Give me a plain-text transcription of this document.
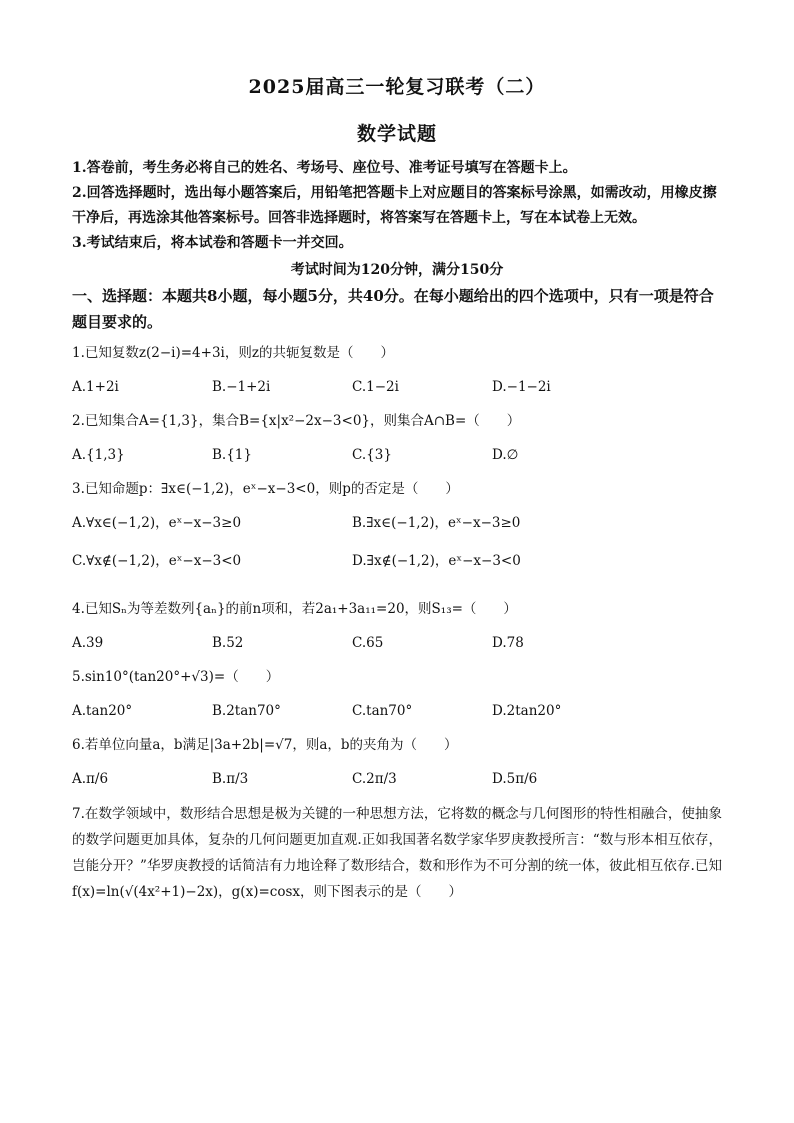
2025届高三一轮复习联考（二）
数学试题

1.答卷前，考生务必将自己的姓名、考场号、座位号、准考证号填写在答题卡上。

2.回答选择题时，选出每小题答案后，用铅笔把答题卡上对应题目的答案标号涂黑，如需改动，用橡皮擦干净后，再选涂其他答案标号。回答非选择题时，将答案写在答题卡上，写在本试卷上无效。

3.考试结束后，将本试卷和答题卡一并交回。

考试时间为120分钟，满分150分

一、选择题：本题共8小题，每小题5分，共40分。在每小题给出的四个选项中，只有一项是符合题目要求的。

1.已知复数z(2−i)=4+3i，则z的共轭复数是（　　）

A.1+2i	B.−1+2i	C.1−2i	D.−1−2i

2.已知集合A={1,3}，集合B={x|x²−2x−3<0}，则集合A∩B=（　　）

A.{1,3}	B.{1}	C.{3}	D.∅

3.已知命题p：∃x∈(−1,2)，eˣ−x−3<0，则p的否定是（　　）

A.∀x∈(−1,2)，eˣ−x−3≥0	B.∃x∈(−1,2)，eˣ−x−3≥0
C.∀x∉(−1,2)，eˣ−x−3<0	D.∃x∉(−1,2)，eˣ−x−3<0

4.已知Sₙ为等差数列{aₙ}的前n项和，若2a₁+3a₁₁=20，则S₁₃=（　　）

A.39	B.52	C.65	D.78

5.sin10°(tan20°+√3)=（　　）

A.tan20°	B.2tan70°	C.tan70°	D.2tan20°

6.若单位向量a，b满足|3a+2b|=√7，则a，b的夹角为（　　）

A.π/6	B.π/3	C.2π/3	D.5π/6

7.在数学领域中，数形结合思想是极为关键的一种思想方法，它将数的概念与几何图形的特性相融合，使抽象的数学问题更加具体，复杂的几何问题更加直观.正如我国著名数学家华罗庚教授所言：“数与形本相互依存，岂能分开？”华罗庚教授的话简洁有力地诠释了数形结合，数和形作为不可分割的统一体，彼此相互依存.已知f(x)=ln(√(4x²+1)−2x)，g(x)=cosx，则下图表示的是（　　）
